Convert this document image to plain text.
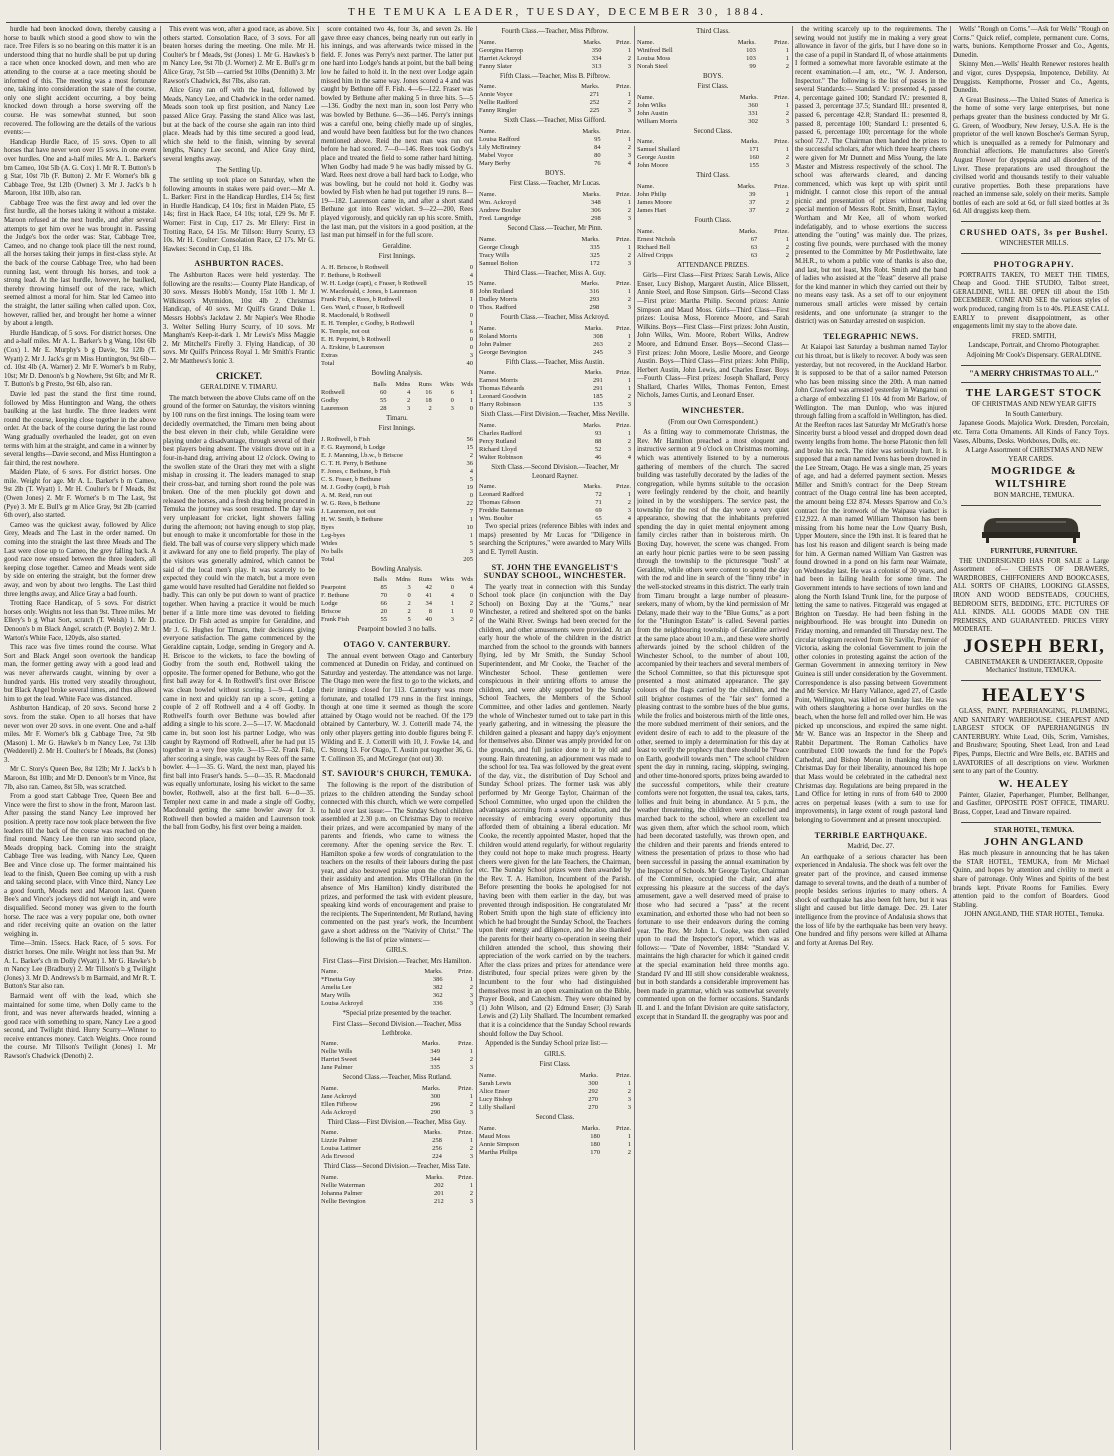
THE TEMUKA LEADER, TUESDAY, DECEMBER 30, 1884.

hurdle had been knocked down, thereby causing a horse to baulk which stood a good show to win the race. Tree Fifers is so no bearing on this matter it is an understood thing that no hurdle shall be put up during a race when once knocked down, and men who are attending to the course at a race meeting should be informed of this. The meeting was a most fortunate one, taking into consideration the state of the course, only one slight accident occurring, a boy being knocked down through a horse swerving off the course. He was somewhat stunned, but soon recovered. The following are the details of the various events:—

Handicap Hurdle Race, of 15 sovs. Open to all horses that have never won over 15 sovs. in one event over hurdles. One and a-half miles. Mr A. L. Barker's bm Cameo, 10st 5lb (A. G. Cox) 1. Mr R. T. Button's b g Star, 10st 7lb (F. Button) 2. Mr F. Worner's blk g Cabbage Tree, 9st 12lb (Owner) 3. Mr J. Jack's b h Maroon, 10st 10lb, also ran.

Cabbage Tree was the first away and led over the first hurdle, all the horses taking it without a mistake. Maroon refused at the next hurdle, and after several attempts to get him over he was brought in. Passing the Judge's box the order was: Star, Cabbage Tree, Cameo, and no change took place till the next round, all the horses taking their jumps in first-class style. At the back of the course Cabbage Tree, who had been running last, went through his horses, and took a strong lead. At the last hurdle, however, he baulked, thereby throwing himself out of the race, which seemed almost a moral for him. Star led Cameo into the straight, the latter sailing when called upon. Cox, however, rallied her, and brought her home a winner by about a length.

Hurdle Handicap, of 5 sovs. For district horses. One and a-half miles. Mr A. L. Barker's b g Wang, 10st 6lb (Cox) 1. Mr E. Murphy's b g Davie, 9st 12lb (T. Wyatt) 2. Mr J. Jack's gr m Miss Huntington, 9st 6lb—cd. 10st 4lb (A. Warner) 2. Mr F. Worner's b m Ruby, 10st; Mr D. Denoon's b g Nowhere, 9st 6lb; and Mr R. T. Button's b g Presto, 9st 6lb, also ran.

Davie led past the stand the first time round, followed by Miss Huntington and Wang, the others baulking at the last hurdle. The three leaders went round the course, keeping close together in the above order. At the back of the course during the last round Wang gradually overhauled the leader, got on even terms with him at the straight, and came in a winner by several lengths—Davie second, and Miss Huntington a fair third, the rest nowhere.

Maiden Plate, of 6 sovs. For district horses. One mile. Weight for age. Mr A. L. Barker's b m Cameo, 9st 2lb (T. Wyatt) 1. Mr H. Coulter's br f Meads, 8st (Owen Jones) 2. Mr F. Worner's b m The Last, 9st (Pye) 3. Mr E. Bull's gr m Alice Gray, 9st 2lb (carried 6th over), also started.

Cameo was the quickest away, followed by Alice Grey, Meads and The Last in the order named. On coming into the straight the last three Meads and The Last were close up to Cameo, the grey falling back. A good race now ensued between the three leaders, all keeping close together. Cameo and Meads went side by side on entering the straight, but the former drew away, and won by about two lengths. The Last third three lengths away, and Alice Gray a bad fourth.

Trotting Race Handicap, of 5 sovs. For district horses only. Weights not less than 9st. Three miles. Mr Ellery's b g What Sort, scratch (T. Welsh) 1. Mr D. Denoon's b m Black Angel, scratch (P. Boyle) 2. Mr J. Warton's White Face, 120yds, also started.

This race was five times round the course. What Sort and Black Angel soon overtook the handicap man, the former getting away with a good lead and was never afterwards caught, winning by over a hundred yards. His trotted very steadily throughout, but Black Angel broke several times, and thus allowed him to get the lead. White Face was distanced.

Ashburton Handicap, of 20 sovs. Second horse 2 sovs. from the stake. Open to all horses that have never won over 20 sovs. in one event. One and a-half miles. Mr F. Worner's blk g Cabbage Tree, 7st 9lb (Mason) 1. Mr G. Hawke's b m Nancy Lee, 7st 13lb (Wedderell) 2. Mr H. Coulter's br f Meads, 8st (Jones) 3.

Mr C. Story's Queen Bee, 8st 12lb; Mr J. Jack's b h Maroon, 8st 10lb; and Mr D. Denoon's br m Vince, 8st 7lb, also ran. Cameo, 8st 5lb, was scratched.

From a good start Cabbage Tree, Queen Bee and Vince were the first to show in the front, Maroon last. After passing the stand Nancy Lee improved her position. A pretty race now took place between the five leaders till the back of the course was reached on the final round. Nancy Lee then ran into second place, Meads dropping back. Coming into the straight Cabbage Tree was leading, with Nancy Lee, Queen Bee and Vince close up. The former maintained his lead to the finish, Queen Bee coming up with a rush and taking second place, with Vince third, Nancy Lee a good fourth, Meads next and Maroon last. Queen Bee's and Vince's jockeys did not weigh in, and were disqualified. Second money was given to the fourth horse. The race was a very popular one, both owner and rider receiving quite an ovation on the latter weighing in.

Time—3min. 15secs. Hack Race, of 5 sovs. For district horses. One mile. Weight not less than 9st. Mr A. L. Barker's ch m Dolly (Wyatt) 1. Mr G. Hawke's b m Nancy Lee (Bradbury) 2. Mr Tillson's b g Twilight (Jones) 3. Mr D. Andrews's b m Barmaid, and Mr R. T. Button's Star also ran.

Barmaid went off with the lead, which she maintained for some time, when Dolly came to the front, and was never afterwards headed, winning a good race with something to spare, Nancy Lee a good second, and Twilight third. Hurry Scurry—Winner to receive entrances money. Catch Weights. Once round the course. Mr Tillson's Twilight (Jones) 1. Mr Rawson's Chadwick (Denoth) 2.

This event was won, after a good race, as above. Six others started. Consolation Race, of 3 sovs. For all beaten horses during the meeting. One mile. Mr H. Coulter's br f Meads, 9st (Jones) 1. Mr G. Hawkes's b m Nancy Lee, 9st 7lb (J. Worner) 2. Mr E. Bull's gr m Alice Gray, 7st 5lb —carried 9st 10lbs (Dennith) 3. Mr Rawson's Chadwick, 8st 7lbs, also ran.

Alice Gray ran off with the lead, followed by Meads, Nancy Lee, and Chadwick in the order named. Meads soon took up first position, and Nancy Lee passed Alice Gray. Passing the stand Alice was last, but at the back of the course she again ran into third place. Meads had by this time secured a good lead, which she held to the finish, winning by several lengths, Nancy Lee second, and Alice Gray third, several lengths away.

The Settling Up.

The settling up took place on Saturday, when the following amounts in stakes were paid over:—Mr A. L. Barker: First in the Handicap Hurdles, £14 5s; first in Hurdle Handicap, £4 10s; first in Maiden Plate, £5 14s; first in Hack Race, £4 10s; total, £29 9s. Mr F. Worner: First in Cup, £17 2s. Mr Ellery: First in Trotting Race, £4 15s. Mr Tillson: Hurry Scurry, £3 10s. Mr H. Coulter: Consolation Race, £2 17s. Mr G. Hawkes: Second in Cup, £1 18s.

ASHBURTON RACES.

The Ashburton Races were held yesterday. The following are the results:— County Plate Handicap, of 30 sovs. Messrs Hobb's Mondy, 15st 10lb 1. Mr J. Wilkinson's Myrmidon, 10st 4lb 2. Christmas Handicap, of 40 sovs. Mr Quill's Grand Duke 1. Messrs Hobbs's Jackdaw 2. Mr Napier's Wee Rhodie 3. Welter Selling Hurry Scurry, of 10 sovs. Mr Mangham's Keep-it-dark 1. Mr Lewis's Miss Maggie 2. Mr Mitchell's Firefly 3. Flying Handicap, of 30 sovs. Mr Quill's Princess Royal 1. Mr Smith's Frantic 2. Mr Matthews's Ionic 3.

CRICKET.

GERALDINE V. TIMARU.

The match between the above Clubs came off on the ground of the former on Saturday, the visitors winning by 100 runs on the first innings. The losing team were decidedly overmatched, the Timaru men being about the best eleven in their club, while Geraldine were playing under a disadvantage, through several of their best players being absent. The visitors drove out in a four-in-hand drag, arriving about 12 o'clock. Owing to the swollen state of the Orari they met with a slight mishap in crossing it. The leaders managed to snap their cross-bar, and turning short round the pole was broken. One of the men pluckily got down and released the horses, and a fresh drag being procured in Temuka the journey was soon resumed. The day was very unpleasant for cricket, light showers falling during the afternoon; not having enough to stop play, but enough to make it uncomfortable for those in the field. The ball was of course very slippery which made it awkward for any one to field properly. The play of the visitors was generally admired, which cannot be said of the local men's play. It was scarcely to be expected they could win the match, but a more even game would have resulted had Geraldine not fielded so badly. This can only be put down to want of practice together. When having a practice it would be much better if a little more time was devoted to fielding practice. Dr Fish acted as umpire for Geraldine, and Mr J. G. Hughes for Timaru, their decisions giving everyone satisfaction. The game commenced by the Geraldine captain, Lodge, sending in Gregory and A. H. Briscoe to the wickets, to face the bowling of Godby from the south end, Rothwell taking the opposite. The former opened for Bethune, who got the first ball away for 4. In Rothwell's first over Briscoe was clean bowled without scoring. 1—9—4. Lodge came in next and quickly ran up a score, getting a couple of 2 off Rothwell and a 4 off Godby. In Rothwell's fourth over Bethune was bowled after adding a single to his score. 2—5—17. W. Macdonald came in, but soon lost his partner Lodge, who was caught by Raymond off Rothwell, after he had put 15 together in a very free style. 3—15—32. Frank Fish, after scoring a single, was caught by Rees off the same bowler. 4—1—35. G. Ward, the next man, played his first ball into Fraser's hands. 5—0—35. R. Macdonald was equally unfortunate, losing his wicket to the same bowler, Rothwell, also at the first ball. 6—0—35. Templer next came in and made a single off Godby, Macdonald getting the same bowler away for 3. Rothwell then bowled a maiden and Laurenson took the ball from Godby, his first over being a maiden.

score contained two 4s, four 3s, and seven 2s. He gave three easy chances, being nearly run out early in his innings, and was afterwards twice missed in the field. F. Jones was Perry's next partner. The latter put one hard into Lodge's hands at point, but the ball being low he failed to hold it. In the next over Lodge again missed him in the same way. Jones scored a 4 and was caught by Bethune off F. Fish. 4—6—122. Fraser was bowled by Bethune after making 5 in three hits. 5—5—136. Godby the next man in, soon lost Perry who was bowled by Bethune. 6—36—146. Perry's innings was a careful one, being chiefly made up of singles, and would have been faultless but for the two chances mentioned above. Reid the next man was run out before he had scored. 7—0—146. Rees took Godby's place and treated the field to some rather hard hitting. When Godby had made 9 he was badly missed by G. Ward. Rees next drove a ball hard back to Lodge, who was bowling, but he could not hold it. Godby was bowled by Fish when he had put together 19 runs. 8—19—182. Laurenson came in, and after a short stand Bethune got into Rees' wicket. 9—22—200, Rees played vigorously, and quickly ran up his score. Smith, the last man, put the visitors in a good position, at the last man put himself in for the full score.

Geraldine.

First Innings.

A. H. Briscoe, b Rothwell	0
F. Bethune, b Rothwell	4
W. H. Lodge (capt), c Fraser, b Rothwell	15
W. Macdonald, c Jones, b Laurenson	8
Frank Fish, c Rees, b Rothwell	1
Geo. Ward, c Fraser, b Rothwell	0
R. Macdonald, b Rothwell	0
E. H. Templer, c Godby, b Rothwell	1
K. Temple, not out	6
E. H. Perpoint, b Rothwell	0
A. Erskine, b Laurenson	0
Extras	3
Total	40

Bowling Analysis.

	Balls	Mdns	Runs	Wkts	Wds
Rothwell	60	4	16	6	1
Godby	55	2	18	0	1
Laurenson	28	3	2	3	0

Timaru.

First Innings.

J. Rothwell, b Fish	56
F. G. Raymond, b Lodge	15
E. J. Manning, l.b.w., b Briscoe	2
C. T. H. Perry, b Bethune	36
F. Jones, c Bethune, b Fish	4
C. S. Fraser, b Bethune	5
M. J. Godby (capt), b Fish	19
A. M. Reid, run out	0
W. G. Rees, b Bethune	22
J. Laurenson, not out	7
H. W. Smith, b Bethune	1
Byes	10
Leg-byes	1
Wides	5
No balls	3
Total	205

Bowling Analysis.

	Balls	Mdns	Runs	Wkts	Wds
Pearpoint	85	3	42	0	4
F. Bethune	70	0	41	4	0
Lodge	66	2	34	1	2
Briscoe	20	2	8	1	0
Frank Fish	55	5	40	3	2

Pearpoint bowled 3 no balls.

OTAGO V. CANTERBURY.

The annual event between Otago and Canterbury commenced at Dunedin on Friday, and continued on Saturday and yesterday. The attendance was not large. The Otago men were the first to go to the wickets, and their innings closed for 113. Canterbury was more fortunate, and totalled 179 runs in the first innings, though at one time it seemed as though the score attained by Otago would not be reached. Of the 179 obtained by Canterbury, W. J. Cotterill made 74, the only other players getting into double figures being F. Wilding and E. J. Cotterill with 10, J. Fowke 14, and C. Strong 13. For Otago, T. Austin put together 36, G. T. Collinson 35, and McGregor (not out) 30.

ST. SAVIOUR'S CHURCH, TEMUKA.

The following is the report of the distribution of prizes to the children attending the Sunday school connected with this church, which we were compelled to hold over last issue:— The Sunday School children assembled at 2.30 p.m. on Christmas Day to receive their prizes, and were accompanied by many of the parents and friends, who came to witness the ceremony. After the opening service the Rev. T. Hamilton spoke a few words of congratulation to the teachers on the results of their labours during the past year, and also bestowed praise upon the children for their assiduity and attention. Mrs O'Halloran (in the absence of Mrs Hamilton) kindly distributed the prizes, and performed the task with evident pleasure, speaking kind words of encouragement and praise to the recipients. The Superintendent, Mr Rutland, having commented on the past year's work, the Incumbent gave a short address on the "Nativity of Christ." The following is the list of prize winners:—

GIRLS.

First Class—First Division.—Teacher, Mrs Hamilton.

Name.	Marks.	Prize.
*Finetta Guy	386	1
Amelia Lee	382	2
Mary Wills	362	3
Louisa Ackroyd	336	3

*Special prize presented by the teacher.

First Class—Second Division.—Teacher, Miss Lethbroke.

Name.	Marks.	Prize.
Nellie Wills	349	1
Harriet Sweet	344	2
Jane Palmer	335	3

Second Class.—Teacher, Miss Rutland.

Name.	Marks.	Prize.
Jane Ackroyd	300	1
Ellen Fifbrow	296	2
Ada Ackroyd	290	3

Third Class—First Division.—Teacher, Miss Guy.

Name.	Marks.	Prize.
Lizzie Palmer	258	1
Louisa Latimer	256	2
Ada Erwood	224	3

Third Class—Second Division.—Teacher, Miss Tate.

Name.	Marks.	Prize.
Nellie Waterman	202	1
Johanna Palmer	201	2
Nellie Bevington	212	3

Fourth Class.—Teacher, Miss Pifbrow.

Name.	Marks.	Prize.
Georgina Harrop	350	1
Harriet Ackroyd	334	2
Fanny Slater	313	3

Fifth Class.—Teacher, Miss B. Pifbrow.

Name.	Marks.	Prize.
Annie Voyce	271	1
Nellie Radford	252	2
Fanny Ringler	225	3

Sixth Class.—Teacher, Miss Gifford.

Name.	Marks.	Prize.
Louisa Radford	95	1
Lily McBratney	84	2
Mabel Voyce	80	3
Mary Berby	76	4

BOYS.

First Class.—Teacher, Mr Lucas.

Name.	Marks.	Prize.
Wm. Ackroyd	348	1
Andrew Boulter	306	2
Fred. Langridge	298	3

Second Class.—Teacher, Mr Pinn.

Name.	Marks.	Prize.
George Clough	335	1
Tracy Wills	325	2
Samuel Bolton	172	3

Third Class.—Teacher, Miss A. Guy.

Name.	Marks.	Prize.
John Rutland	316	1
Dudley Morris	293	2
Thos. Radford	298	3

Fourth Class.—Teacher, Miss Ackroyd.

Name.	Marks.	Prize.
Roland Morris	308	1
John Palmer	263	2
George Bevington	245	3

Fifth Class.—Teacher, Miss Austin.

Name.	Marks.	Prize.
Earnest Morris	291	1
Thomas Edwards	291	1
Leonard Goodwin	185	2
Harry Robinson	135	3

Sixth Class.—First Division.—Teacher, Miss Neville.

Name.	Marks.	Prize.
Charles Radford	93	1
Percy Rutland	88	2
Richard Lloyd	52	3
Walter Robinson	46	4

Sixth Class.—Second Division.—Teacher, Mr Leonard Rayner.

Name.	Marks.	Prize.
Leonard Radford	72	1
Thomas Gibson	71	2
Freddie Bateman	69	3
Wm. Boulter	65	4

Two special prizes (reference Bibles with index and maps) presented by Mr Lucas for "Diligence in searching the Scriptures," were awarded to Mary Wills and E. Tyrrell Austin.

ST. JOHN THE EVANGELIST'S SUNDAY SCHOOL, WINCHESTER.

The yearly treat in connection with this Sunday School took place (in conjunction with the Day School) on Boxing Day at the "Gums," near Winchester, a retired and sheltered spot on the banks of the Waihi River. Swings had been erected for the children, and other amusements were provided. At an early hour the whole of the children in the district marched from the school to the grounds with banners flying, led by Mr Smith, the Sunday School Superintendent, and Mr Cooke, the Teacher of the Winchester School. These gentlemen were conspicuous in their untiring efforts to amuse the children, and were ably supported by the Sunday School Teachers, the Members of the School Committee, and other ladies and gentlemen. Nearly the whole of Winchester turned out to take part in this yearly gathering, and in witnessing the pleasure the children gained a pleasant and happy day's enjoyment for themselves also. Dinner was amply provided for on the grounds, and full justice done to it by old and young. Rain threatening, an adjournment was made to the school for tea. Tea was followed by the great event of the day, viz., the distribution of Day School and Sunday School prizes. The former task was ably performed by Mr George Taylor, Chairman of the School Committee, who urged upon the children the advantages accruing from a sound education, and the necessity of embracing every opportunity thus afforded them of obtaining a liberal education. Mr Cooke, the recently appointed Master, hoped that the children would attend regularly, for without regularity they could not hope to make much progress. Hearty cheers were given for the late Teachers, the Chairman, etc. The Sunday School prizes were then awarded by the Rev. T. A. Hamilton, Incumbent of the Parish. Before presenting the books he apologised for not having been with them earlier in the day, but was prevented through indisposition. He congratulated Mr Robert Smith upon the high state of efficiency into which he had brought the Sunday School, the Teachers upon their energy and diligence, and he also thanked the parents for their hearty co-operation in seeing their children attended the school, thus showing their appreciation of the work carried on by the teachers. After the class prizes and prizes for attendance were distributed, four special prizes were given by the Incumbent to the four who had distinguished themselves most in an open examination on the Bible, Prayer Book, and Catechism. They were obtained by (1) John Wilson, and (2) Edmund Enser; (3) Sarah Lewis and (2) Lily Shallard. The Incumbent remarked that it is a coincidence that the Sunday School rewards should follow the Day School.

Appended is the Sunday School prize list:—

GIRLS.

First Class.

Name.	Marks.	Prize.
Sarah Lewis	300	1
Alice Enser	292	2
Lucy Bishop	270	3
Lilly Shallard	270	3

Second Class.

Name.	Marks.	Prize.
Maud Moss	180	1
Annie Simpson	180	1
Martha Philips	170	2

Third Class.

Name.	Marks.	Prize.
Winifred Bell	103	1
Louisa Moss	103	1
Norah Steel	99	2

BOYS.

First Class.

Name.	Marks.	Prize.
John Wilks	360	1
John Austin	331	2
William Morris	302	3

Second Class.

Name.	Marks.	Prize.
Samuel Shallard	171	1
George Austin	160	2
John Moore	155	3

Third Class.

Name.	Marks.	Prize.
John Philip	39	1
James Moore	37	2
James Hart	37	2

Fourth Class.

Name.	Marks.	Prize.
Ernest Nichols	67	1
Richard Bell	63	2
Alfred Cripps	63	2

ATTENDANCE PRIZES.

Girls—First Class—First Prizes: Sarah Lewis, Alice Enser, Lucy Bishop, Margaret Austin, Alice Blissett, Annie Steel, and Rose Simpson. Girls—Second Class—First prize: Martha Philip. Second prizes: Annie Simpson and Maud Moss. Girls—Third Class—First prizes: Louisa Moss, Florence Moore, and Sarah Wilkins. Boys—First Class—First prizes: John Austin, John Wilks, Wm. Moore, Robert Wilks, Andrew Moore, and Edmund Enser. Boys—Second Class—First prizes: John Moore, Leslie Moore, and George Austin. Boys—Third Class—First prizes: John Philip, Herbert Austin, John Lewis, and Charles Enser. Boys—Fourth Class—First prizes: Joseph Shallard, Percy Shallard, Charles Wilks, Thomas Fenton, Ernest Nichols, James Curtis, and Leonard Enser.

WINCHESTER.

(From our Own Correspondent.)

As a fitting way to commemorate Christmas, the Rev. Mr Hamilton preached a most eloquent and instructive sermon at 9 o'clock on Christmas morning, which was attentively listened to by a numerous gathering of members of the church. The sacred building was tastefully decorated by the ladies of the congregation, while hymns suitable to the occasion were feelingly rendered by the choir, and heartily joined in by the worshippers. The service past, the township for the rest of the day wore a very quiet appearance, showing that the inhabitants preferred spending the day in quiet mental enjoyment among family circles rather than in boisterous mirth. On Boxing Day, however, the scene was changed. From an early hour picnic parties were to be seen passing through the township to the picturesque "bush" at Geraldine, while others were content to spend the day with the rod and line in search of the "finny tribe" in the well-stocked streams in this district. The early train from Timaru brought a large number of pleasure-seekers, many of whom, by the kind permission of Mr Delany, made their way to the "Blue Gums," as a port for the "Hunington Estate" is called. Several parties from the neighbouring township of Geraldine arrived at the same place about 10 a.m., and these were shortly afterwards joined by the school children of the Winchester School, to the number of about 100, accompanied by their teachers and several members of the School Committee, so that this picturesque spot presented a most animated appearance. The gay colours of the flags carried by the children, and the still brighter costumes of the "fair sex" formed a pleasing contrast to the sombre hues of the blue gums, while the frolics and boisterous mirth of the little ones, the more subdued merriment of their seniors, and the evident desire of each to add to the pleasure of the other, seemed to imply a determination for this day at least to verify the prophecy that there should be "Peace on Earth, goodwill towards men." The school children spent the day in running, racing, skipping, swinging, and other time-honored sports, prizes being awarded to the successful competitors, while their creature comforts were not forgotten, the usual tea, cakes, tarts, lollies and fruit being in abundance. At 5 p.m., the weather threatening, the children were collected and marched back to the school, where an excellent tea was given them, after which the school room, which had been decorated tastefully, was thrown open, and the children and their parents and friends entered to witness the presentation of prizes to those who had been successful in passing the annual examination by the Inspector of Schools. Mr George Taylor, Chairman of the Committee, occupied the chair, and after expressing his pleasure at the success of the day's amusement, gave a well deserved meed of praise to those who had secured a "pass" at the recent examination, and exhorted those who had not been so fortunate to use their endeavors during the coming year. The Rev. Mr John L. Cooke, was then called upon to read the Inspector's report, which was as follows:— "Date of November, 1884: "Standard V. maintains the high character for which it gained credit at the special examination held three months ago. Standard IV and III still show considerable weakness, but in both standards a considerable improvement has been made in grammar, which was somewhat severely commented upon on the former occasions. Standards II. and I. and the Infant Division are quite satisfactory, except that in Standard II. the geography was poor and

the writing scarcely up to the requirements. The sewing would not justify me in making a very great allowance in favor of the girls, but I have done so in the case of a pupil in Standard II, of whose attainments I formed a somewhat more favorable estimate at the recent examination.—I am, etc., "W. J. Anderson, Inspector." The following is the list of passes in the several Standards:— Standard V.: presented 4, passed 4, percentage gained 100; Standard IV.: presented 8, passed 3, percentage 37.5; Standard III.: presented 8, passed 6, percentage 42.8; Standard II.: presented 8, passed 8, percentage 100; Standard I.: presented 6, passed 6, percentage 100; percentage for the whole school 72.7. The Chairman then handed the prizes to the successful scholars, after which three hearty cheers were given for Mr Dunnett and Miss Young, the late Master and Mistress respectively of the school. The school was afterwards cleared, and dancing commenced, which was kept up with spirit until midnight. I cannot close this report of the annual picnic and presentation of prizes without making special mention of Messrs Robt. Smith, Enser, Taylor, Wortham and Mr Kee, all of whom worked indefatigably, and to whose exertions the success attending the "outing" was mainly due. The prizes, costing five pounds, were purchased with the money presented to the Committee by Mr Postlethwaite, late M.H.R., to whom a public vote of thanks is also due, and last, but not least, Mrs Robt. Smith and the band of ladies who assisted at the "feast" deserve all praise for the kind manner in which they carried out their by no means easy task. As a set off to our enjoyment numerous small articles were missed by certain residents, and one unfortunate (a stranger to the district) was on Saturday arrested on suspicion.

TELEGRAPHIC NEWS.

At Kaiapoi last Saturday a bushman named Taylor cut his throat, but is likely to recover. A body was seen yesterday, but not recovered, in the Auckland Harbor. It is supposed to be that of a sailor named Peterson who has been missing since the 20th. A man named John Crawford was arrested yesterday in Wanganui on a charge of embezzling £1 10s 4d from Mr Barlow, of Wellington. The man Dunlop, who was injured through falling from a scaffold in Wellington, has died. At the Reefton races last Saturday Mr McGrath's horse Sincerity burst a blood vessel and dropped down dead twenty lengths from home. The horse Platonic then fell and broke his neck. The rider was seriously hurt. It is supposed that a man named Ivens has been drowned in the Lee Stream, Otago. He was a single man, 25 years of age, and had a deferred payment section. Messrs Miller and Smith's contract for the Deep Stream contract of the Otago central line has been accepted, the amount being £32 874. Messrs Sparrow and Co.'s contract for the ironwork of the Waipaua viaduct is £12,922. A man named William Thomson has been missing from his home near the Low Quarry Bush, Upper Moutere, since the 19th inst. It is feared that he has lost his reason and diligent search is being made for him. A German named William Van Gastren was found drowned in a pond on his farm near Waimate, on Wednesday last. He was a colonist of 30 years, and had been in failing health for some time. The Government intends to have sections of town land and along the North Island Trunk line, for the purpose of letting the same to natives. Fitzgerald was engaged at Brighton on Tuesday. He had been fishing in the neighbourhood. He was brought into Dunedin on Friday morning, and remanded till Thursday next. The circular telegram received from Sir Saville, Premier of Victoria, asking the colonial Government to join the other colonies in protesting against the action of the German Government in annexing territory in New Guinea is still under consideration by the Government. Correspondence is also passing between Government and Mr Service. Mr Harry Vallance, aged 27, of Castle Point, Wellington, was killed on Sunday last. He was with others slaughtering a horse over hurdles on the beach, when the horse fell and rolled over him. He was picked up unconscious, and expired the same night. Mr W. Bance was an Inspector in the Sheep and Rabbit Department. The Roman Catholics have contributed £100 towards the fund for the Pope's Cathedral, and Bishop Moran in thanking them on Christmas Day for their liberality, announced his hope that Mass would be celebrated in the cathedral next Christmas day. Regulations are being prepared in the Land Office for letting in runs of from 640 to 2000 acres on perpetual leases (with a sum to use for improvements), in large extent of rough pastoral land belonging to Government and at present unoccupied.

TERRIBLE EARTHQUAKE.

Madrid, Dec. 27.

An earthquake of a serious character has been experienced in Andalusia. The shock was felt over the greater part of the province, and caused immense damage to several towns, and the death of a number of people besides serious injuries to many others. A shock of earthquake has also been felt here, but it was slight and caused but little damage. Dec. 29. Later intelligence from the province of Andalusia shows that the loss of life by the earthquake has been very heavy. One hundred and fifty persons were killed at Alhama and forty at Arenas Del Rey.

Wells' "Rough on Corns."—Ask for Wells' "Rough on Corns." Quick relief, complete, permanent cure. Corns, warts, bunions. Kempthorne Prosser and Co., Agents, Dunedin.

Skinny Men.—Wells' Health Renewer restores health and vigor, cures Dyspepsia, Impotence, Debility. At Druggists. Kempthorne, Prosser and Co., Agents, Dunedin.

A Great Business.—The United States of America is the home of some very large enterprises, but none perhaps greater than the business conducted by Mr G. G. Green, of Woodbury, New Jersey, U.S.A. He is the proprietor of the well known Boschee's German Syrup, which is unequalled as a remedy for Pulmonary and Bronchial affections. He manufactures also Green's August Flower for dyspepsia and all disorders of the Liver. These preparations are used throughout the civilised world and thousands testify to their valuable curative properties. Both these preparations have reached an immense sale, solely on their merits. Sample bottles of each are sold at 6d, or full sized bottles at 3s 6d. All druggists keep them.

CRUSHED OATS, 3s per Bushel.

WINCHESTER MILLS.

PHOTOGRAPHY.

PORTRAITS TAKEN, TO MEET THE TIMES, Cheap and Good. THE STUDIO, Talbot street, GERALDINE, WILL BE OPEN till about the 15th DECEMBER. COME AND SEE the various styles of work produced, ranging from 1s to 40s. PLEASE CALL EARLY to prevent disappointment, as other engagements limit my stay to the above date.

FRED. SMITH,

Landscape, Portrait, and Chromo Photographer.

Adjoining Mr Cook's Dispensary. GERALDINE.

"A MERRY CHRISTMAS TO ALL."

THE LARGEST STOCK

OF CHRISTMAS AND NEW YEAR GIFTS

In South Canterbury.

Japanese Goods. Majolica Work. Dresden, Porcelain, etc. Terra Cotta Ornaments. All Kinds of Fancy Toys. Vases, Albums, Desks. Workboxes, Dolls, etc.

A Large Assortment of CHRISTMAS AND NEW YEAR CARDS.

MOGRIDGE & WILTSHIRE

BON MARCHE, TEMUKA.

FURNITURE, FURNITURE.

THE UNDERSIGNED HAS FOR SALE a Large Assortment of— CHESTS OF DRAWERS, WARDROBES, CHIFFONIERS AND BOOKCASES, ALL SORTS OF CHAIRS, LOOKING GLASSES, IRON AND WOOD BEDSTEADS, COUCHES, BEDROOM SETS, BEDDING, ETC. PICTURES OF ALL KINDS. ALL GOODS MADE ON THE PREMISES, AND GUARANTEED. PRICES VERY MODERATE.

JOSEPH BERI,

CABINETMAKER & UNDERTAKER, Opposite Mechanics' Institute, TEMUKA.

HEALEY'S

GLASS, PAINT, PAPERHANGING, PLUMBING, AND SANITARY WAREHOUSE. CHEAPEST AND LARGEST STOCK OF PAPERHANGINGS IN CANTERBURY. White Lead, Oils, Scrim, Varnishes, and Brushware; Spouting, Sheet Lead, Iron and Lead Pipes, Pumps, Electric and Wire Bells, etc. BATHS and LAVATORIES of all descriptions on view. Workmen sent to any part of the Country.

W. HEALEY

Painter, Glazier, Paperhanger, Plumber, Bellhanger, and Gasfitter, OPPOSITE POST OFFICE, TIMARU. Brass, Copper, Lead and Tinware repaired.

STAR HOTEL, TEMUKA.

JOHN ANGLAND

Has much pleasure in announcing that he has taken the STAR HOTEL, TEMUKA, from Mr Michael Quinn, and hopes by attention and civility to merit a share of patronage. Only Wines and Spirits of the best brands kept. Private Rooms for Families. Every attention paid to the comfort of Boarders. Good Stabling.

JOHN ANGLAND, THE STAR HOTEL, Temuka.
